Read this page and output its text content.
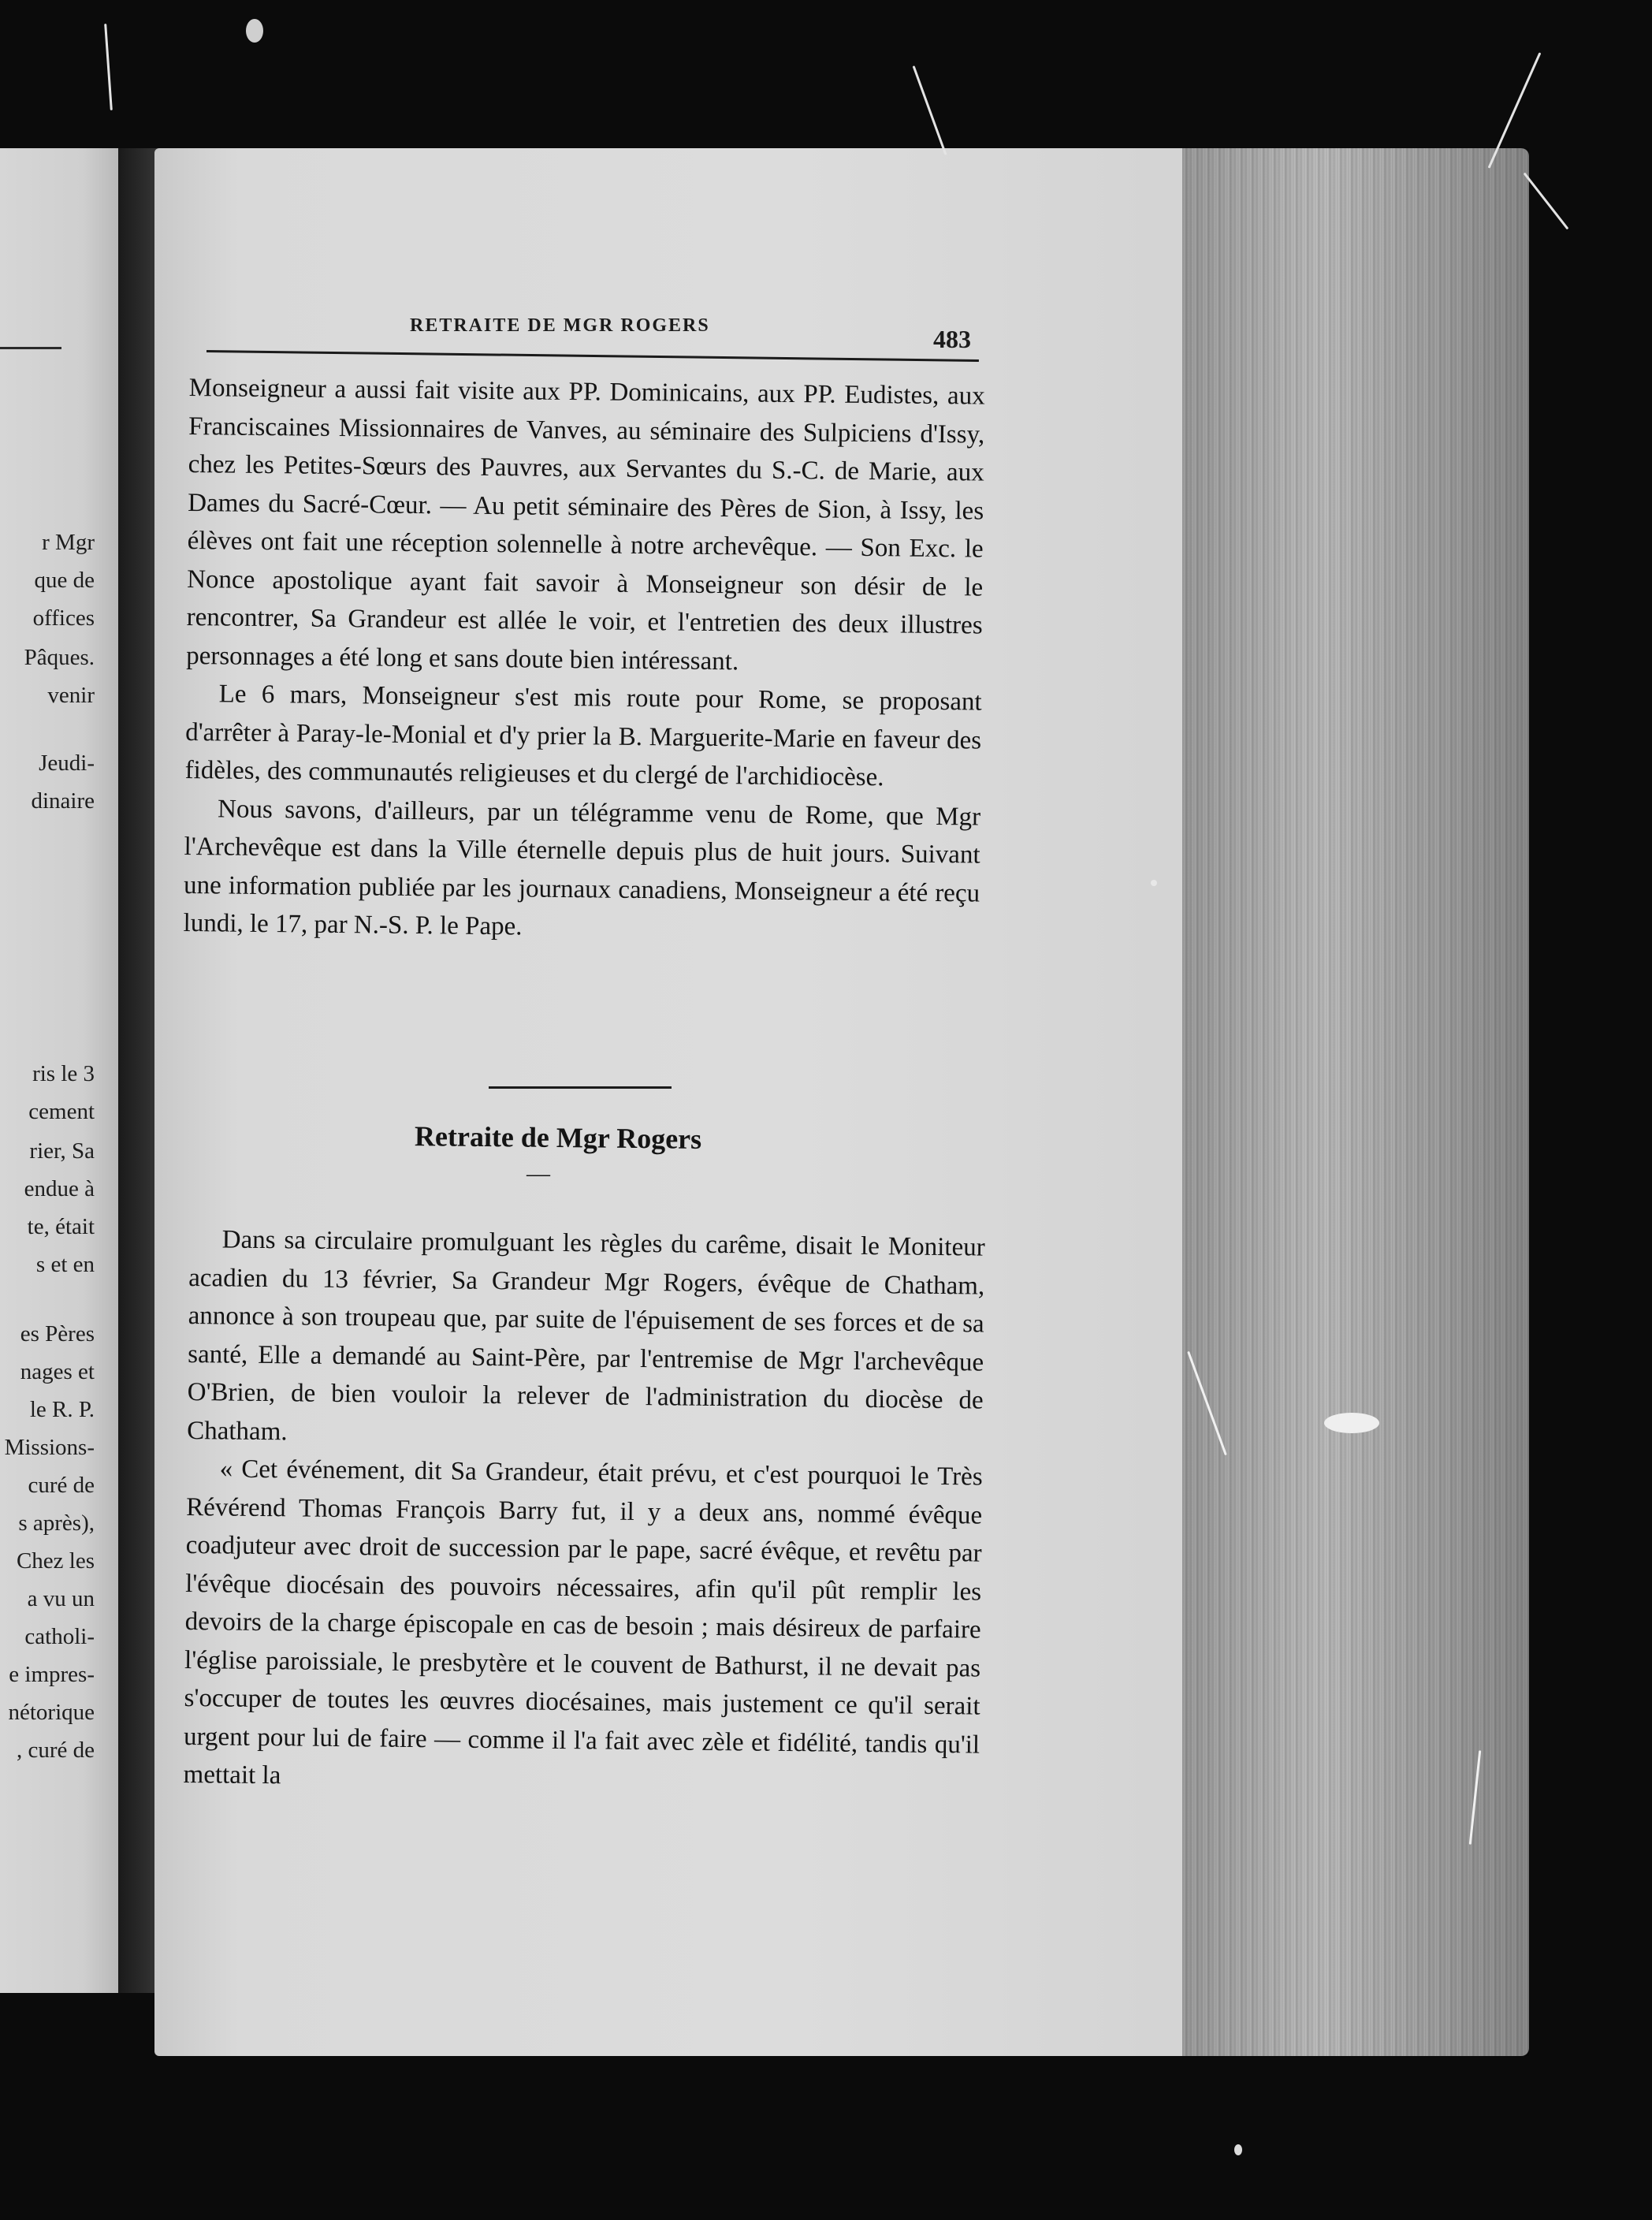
r Mgr
que de
offices
Pâques.
venir
Jeudi-
dinaire
ris le 3
cement
rier, Sa
endue à
te, était
s et en
es Pères
nages et
le R. P.
Missions-
curé de
s après),
Chez les
a vu un
catholi-
e impres-
nétorique
, curé de
RETRAITE DE MGR ROGERS	483

Monseigneur a aussi fait visite aux PP. Dominicains, aux PP. Eudistes, aux Franciscaines Missionnaires de Vanves, au séminaire des Sulpiciens d'Issy, chez les Petites-Sœurs des Pauvres, aux Servantes du S.-C. de Marie, aux Dames du Sacré-Cœur. — Au petit séminaire des Pères de Sion, à Issy, les élèves ont fait une réception solennelle à notre archevêque. — Son Exc. le Nonce apostolique ayant fait savoir à Monseigneur son désir de le rencontrer, Sa Grandeur est allée le voir, et l'entretien des deux illustres personnages a été long et sans doute bien intéressant.

Le 6 mars, Monseigneur s'est mis route pour Rome, se proposant d'arrêter à Paray-le-Monial et d'y prier la B. Marguerite-Marie en faveur des fidèles, des communautés religieuses et du clergé de l'archidiocèse.

Nous savons, d'ailleurs, par un télégramme venu de Rome, que Mgr l'Archevêque est dans la Ville éternelle depuis plus de huit jours. Suivant une information publiée par les journaux canadiens, Monseigneur a été reçu lundi, le 17, par N.-S. P. le Pape.

Retraite de Mgr Rogers
—

Dans sa circulaire promulguant les règles du carême, disait le Moniteur acadien du 13 février, Sa Grandeur Mgr Rogers, évêque de Chatham, annonce à son troupeau que, par suite de l'épuisement de ses forces et de sa santé, Elle a demandé au Saint-Père, par l'entremise de Mgr l'archevêque O'Brien, de bien vouloir la relever de l'administration du diocèse de Chatham.

« Cet événement, dit Sa Grandeur, était prévu, et c'est pourquoi le Très Révérend Thomas François Barry fut, il y a deux ans, nommé évêque coadjuteur avec droit de succession par le pape, sacré évêque, et revêtu par l'évêque diocésain des pouvoirs nécessaires, afin qu'il pût remplir les devoirs de la charge épiscopale en cas de besoin ; mais désireux de parfaire l'église paroissiale, le presbytère et le couvent de Bathurst, il ne devait pas s'occuper de toutes les œuvres diocésaines, mais justement ce qu'il serait urgent pour lui de faire — comme il l'a fait avec zèle et fidélité, tandis qu'il mettait la
